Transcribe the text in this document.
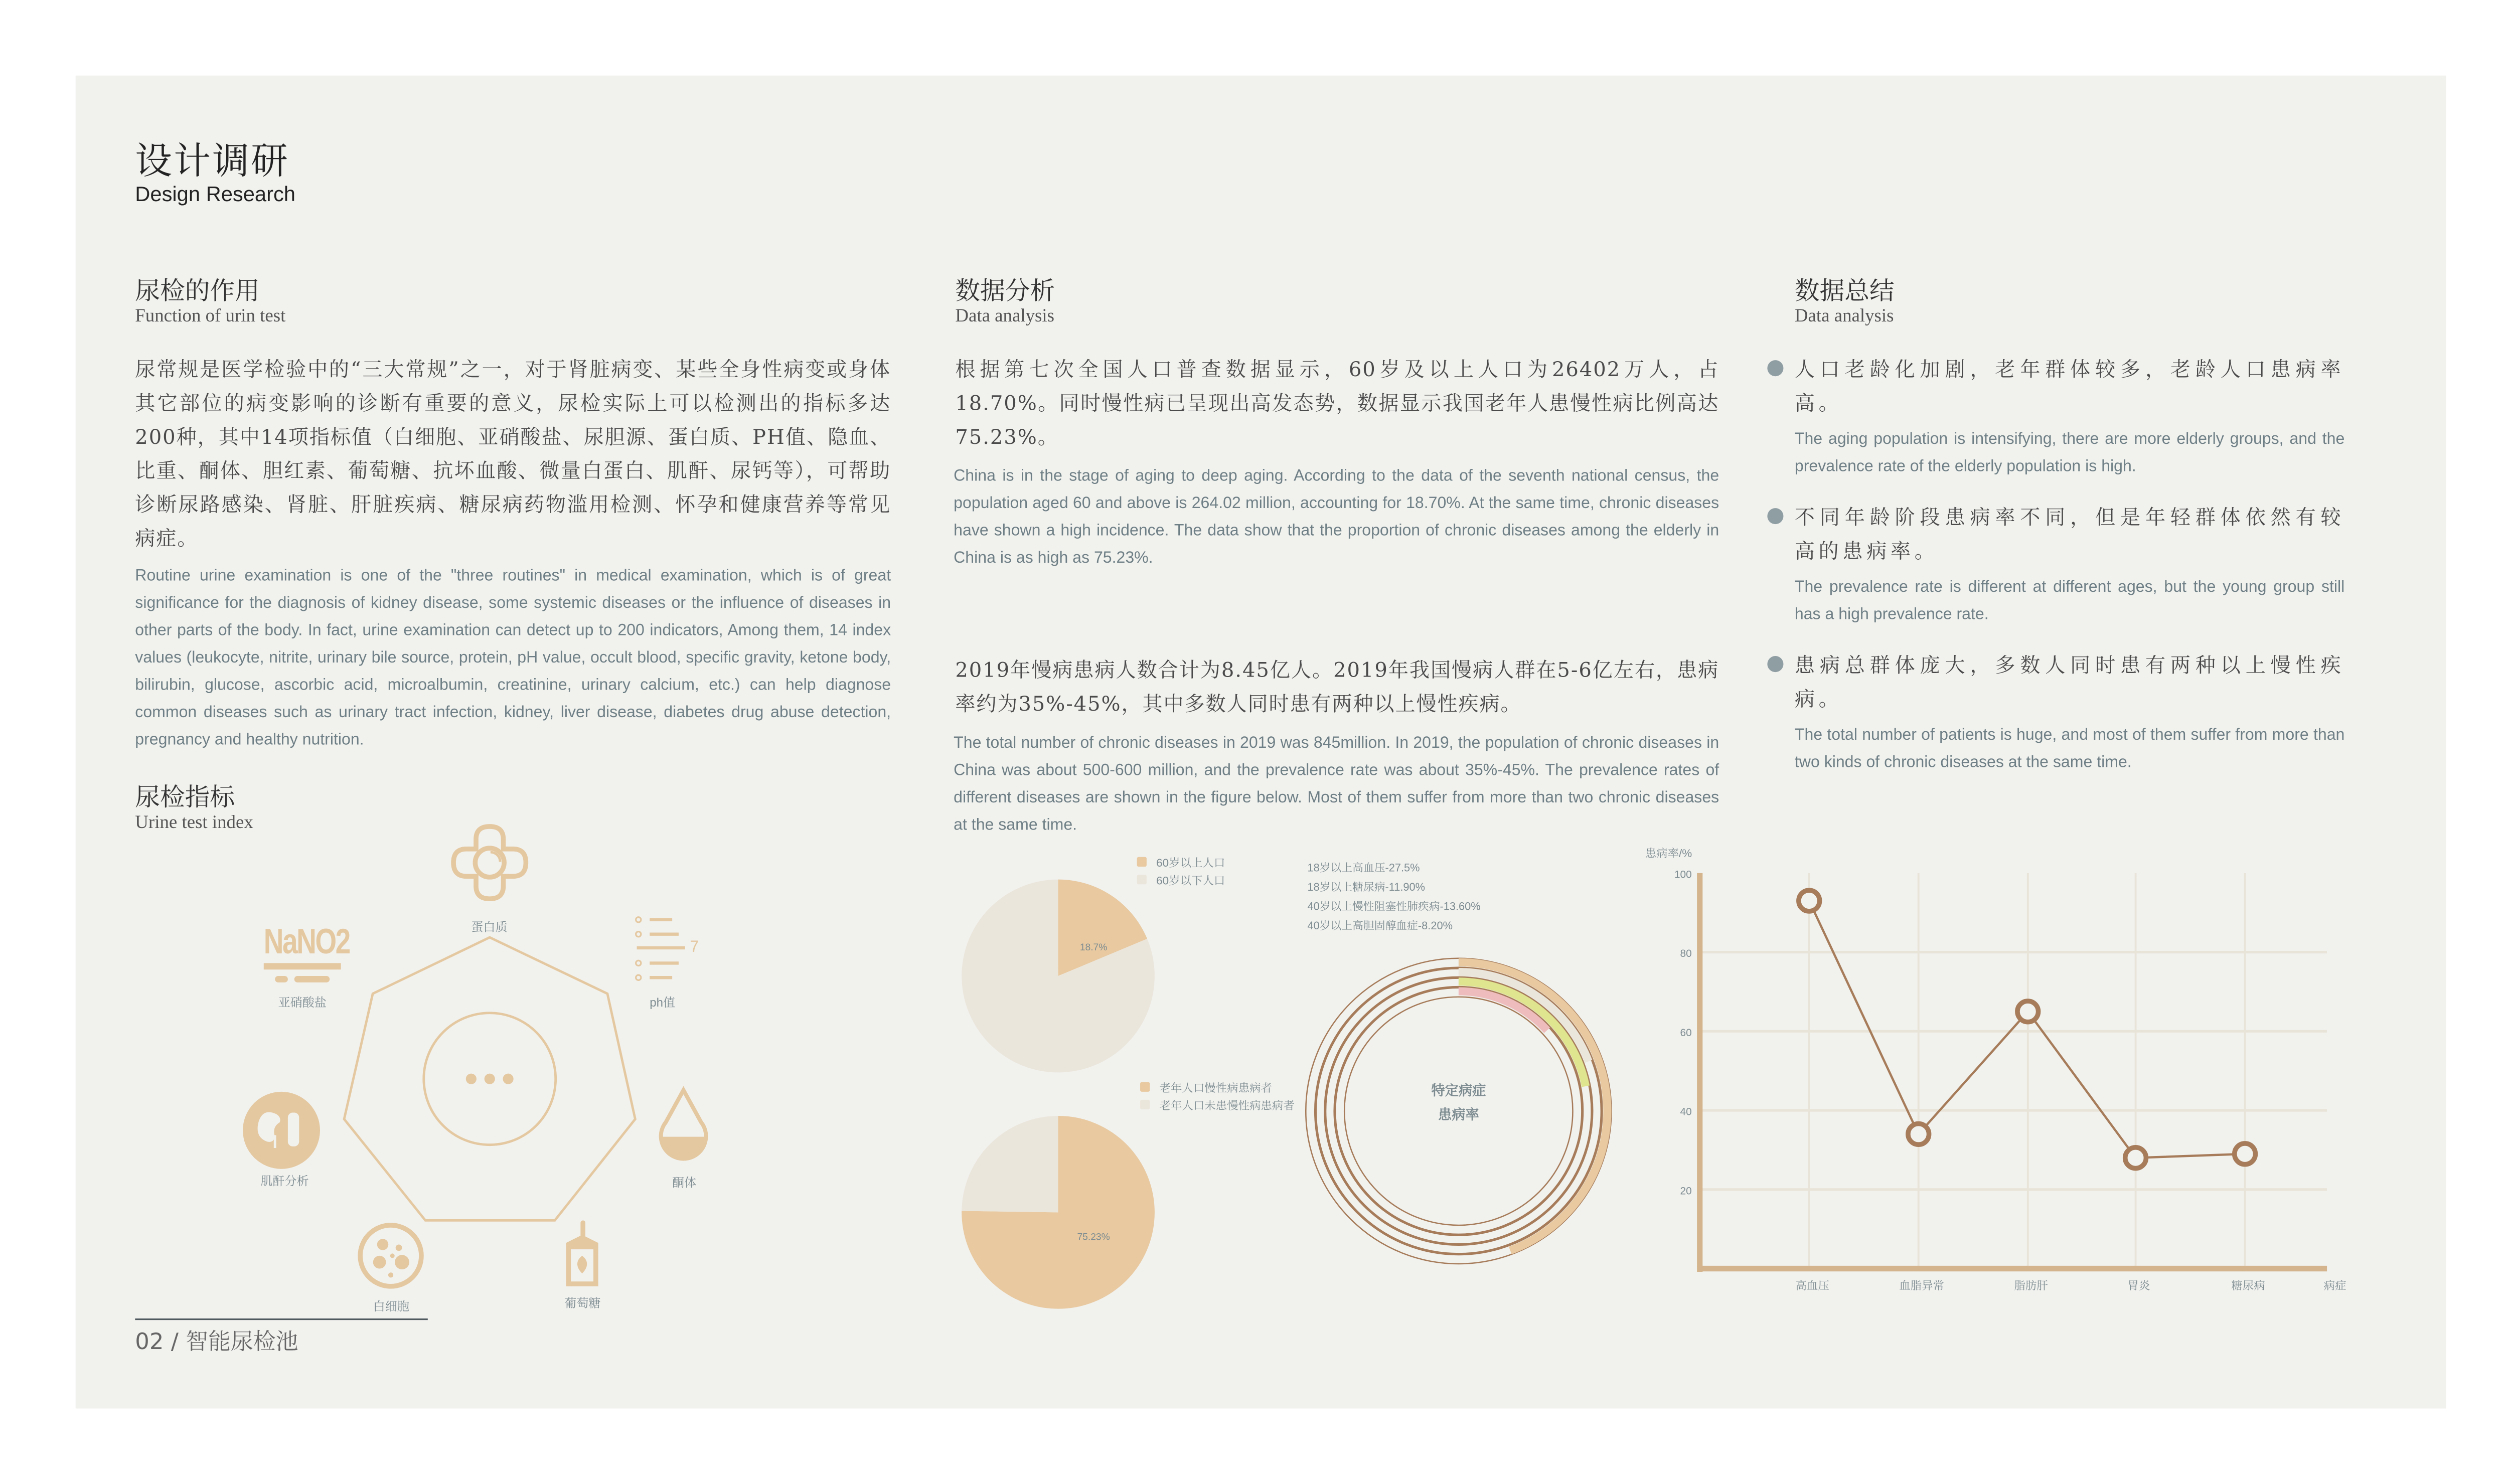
设计调研
Design Research
尿检的作用
Function of urin test
尿常规是医学检验中的“三大常规”之一，对于肾脏病变、某些全身性病变或身体其它部位的病变影响的诊断有重要的意义，尿检实际上可以检测出的指标多达200种，其中14项指标值（白细胞、亚硝酸盐、尿胆源、蛋白质、PH值、隐血、比重、酮体、胆红素、葡萄糖、抗坏血酸、微量白蛋白、肌酐、尿钙等），可帮助诊断尿路感染、肾脏、肝脏疾病、糖尿病药物滥用检测、怀孕和健康营养等常见病症。
Routine urine examination is one of the "three routines" in medical examination, which is of great significance for the diagnosis of kidney disease, some systemic diseases or the influence of diseases in other parts of the body. In fact, urine examination can detect up to 200 indicators, Among them, 14 index values (leukocyte, nitrite, urinary bile source, protein, pH value, occult blood, specific gravity, ketone body, bilirubin, glucose, ascorbic acid, microalbumin, creatinine, urinary calcium, etc.) can help diagnose common diseases such as urinary tract infection, kidney, liver disease, diabetes drug abuse detection, pregnancy and healthy nutrition.
尿检指标
Urine test index
NaNO2	7
蛋白质
亚硝酸盐	ph值
肌酐分析	酮体
白细胞	葡萄糖
02 / 智能尿检池
数据分析
Data analysis
根据第七次全国人口普查数据显示，60岁及以上人口为26402万人，占18.70%。同时慢性病已呈现出高发态势，数据显示我国老年人患慢性病比例高达75.23%。
China is in the stage of aging to deep aging. According to the data of the seventh national census, the population aged 60 and above is 264.02 million, accounting for 18.70%. At the same time, chronic diseases have shown a high incidence. The data show that the proportion of chronic diseases among the elderly in China is as high as 75.23%.
2019年慢病患病人数合计为8.45亿人。2019年我国慢病人群在5-6亿左右，患病率约为35%-45%，其中多数人同时患有两种以上慢性疾病。
The total number of chronic diseases in 2019 was 845million. In 2019, the population of chronic diseases in China was about 500-600 million, and the prevalence rate was about 35%-45%. The prevalence rates of different diseases are shown in the figure below. Most of them suffer from more than two chronic diseases at the same time.
数据总结
Data analysis
人口老龄化加剧，老年群体较多，老龄人口患病率高。
The aging population is intensifying, there are more elderly groups, and the prevalence rate of the elderly population is high.
不同年龄阶段患病率不同，但是年轻群体依然有较高的患病率。
The prevalence rate is different at different ages, but the young group still has a high prevalence rate.
患病总群体庞大，多数人同时患有两种以上慢性疾病。
The total number of patients is huge, and most of them suffer from more than two kinds of chronic diseases at the same time.
18.7%
60岁以上人口
60岁以下人口
75.23%
老年人口慢性病患病者
老年人口未患慢性病患病者
特定病症
患病率
18岁以上高血压-27.5%
18岁以上糖尿病-11.90%
40岁以上慢性阻塞性肺疾病-13.60%
40岁以上高胆固醇血症-8.20%
20
40
60
80
100
高血压	血脂异常	脂肪肝	胃炎	糖尿病
患病率/%
病症
